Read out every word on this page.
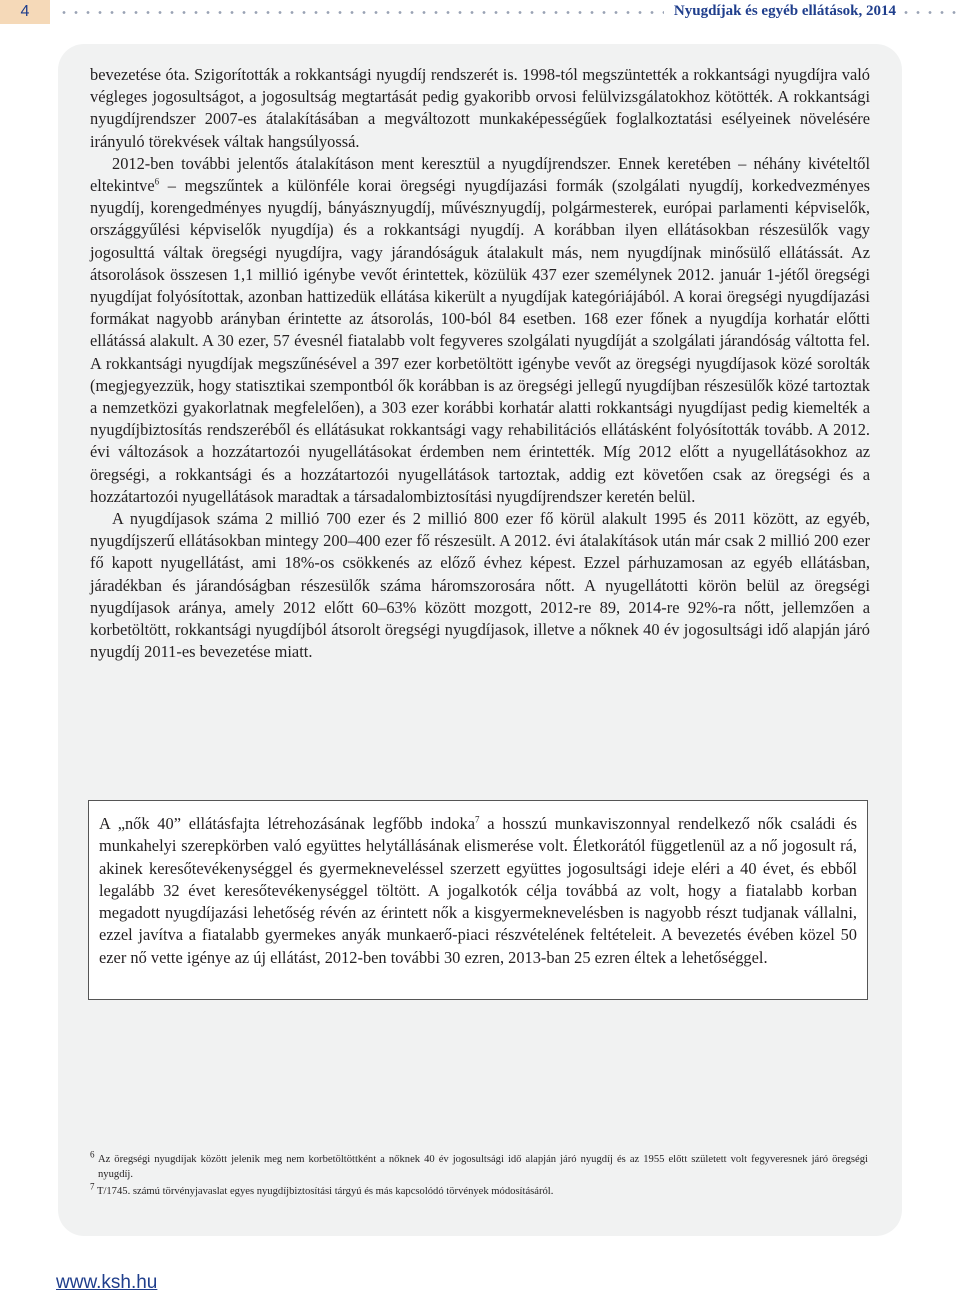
4	Nyugdíjak és egyéb ellátások, 2014

bevezetése óta. Szigorították a rokkantsági nyugdíj rendszerét is. 1998-tól megszüntették a rokkantsági nyugdíjra való végleges jogosultságot, a jogosultság megtartását pedig gyakoribb orvosi felülvizsgálatokhoz kötötték. A rokkantsági nyugdíjrendszer 2007-es átalakításában a megváltozott munkaképességűek foglalkoztatási esélyeinek növelésére irányuló törekvések váltak hangsúlyossá.

2012-ben további jelentős átalakításon ment keresztül a nyugdíjrendszer. Ennek keretében – néhány kivételtől eltekintve$^6$ – megszűntek a különféle korai öregségi nyugdíjazási formák (szolgálati nyugdíj, korkedvezményes nyugdíj, korengedményes nyugdíj, bányásznyugdíj, művésznyugdíj, polgármesterek, európai parlamenti képviselők, országgyűlési képviselők nyugdíja) és a rokkantsági nyugdíj. A korábban ilyen ellátásokban részesülők vagy jogosulttá váltak öregségi nyugdíjra, vagy járandóságuk átalakult más, nem nyugdíjnak minősülő ellátássát. Az átsorolások összesen 1,1 millió igénybe vevőt érintettek, közülük 437 ezer személynek 2012. január 1-jétől öregségi nyugdíjat folyósítottak, azonban hattizedük ellátása kikerült a nyugdíjak kategóriájából. A korai öregségi nyugdíjazási formákat nagyobb arányban érintette az átsorolás, 100-ból 84 esetben. 168 ezer főnek a nyugdíja korhatár előtti ellátássá alakult. A 30 ezer, 57 évesnél fiatalabb volt fegyveres szolgálati nyugdíját a szolgálati járandóság váltotta fel. A rokkantsági nyugdíjak megszűnésével a 397 ezer korbetöltött igénybe vevőt az öregségi nyugdíjasok közé sorolták (megjegyezzük, hogy statisztikai szempontból ők korábban is az öregségi jellegű nyugdíjban részesülők közé tartoztak a nemzetközi gyakorlatnak megfelelően), a 303 ezer korábbi korhatár alatti rokkantsági nyugdíjast pedig kiemelték a nyugdíjbiztosítás rendszeréből és ellátásukat rokkantsági vagy rehabilitációs ellátásként folyósították tovább. A 2012. évi változások a hozzátartozói nyugellátásokat érdemben nem érintették. Míg 2012 előtt a nyugellátásokhoz az öregségi, a rokkantsági és a hozzátartozói nyugellátások tartoztak, addig ezt követően csak az öregségi és a hozzátartozói nyugellátások maradtak a társadalombiztosítási nyugdíjrendszer keretén belül.

A nyugdíjasok száma 2 millió 700 ezer és 2 millió 800 ezer fő körül alakult 1995 és 2011 között, az egyéb, nyugdíjszerű ellátásokban mintegy 200–400 ezer fő részesült. A 2012. évi átalakítások után már csak 2 millió 200 ezer fő kapott nyugellátást, ami 18%-os csökkenés az előző évhez képest. Ezzel párhuzamosan az egyéb ellátásban, járadékban és járandóságban részesülők száma háromszorosára nőtt. A nyugellátotti körön belül az öregségi nyugdíjasok aránya, amely 2012 előtt 60–63% között mozgott, 2012-re 89, 2014-re 92%-ra nőtt, jellemzően a korbetöltött, rokkantsági nyugdíjból átsorolt öregségi nyugdíjasok, illetve a nőknek 40 év jogosultsági idő alapján járó nyugdíj 2011-es bevezetése miatt.

A „nők 40” ellátásfajta létrehozásának legfőbb indoka$^7$ a hosszú munkaviszonnyal rendelkező nők családi és munkahelyi szerepkörben való együttes helytállásának elismerése volt. Életkorától függetlenül az a nő jogosult rá, akinek keresőtevékenységgel és gyermekneveléssel szerzett együttes jogosultsági ideje eléri a 40 évet, és ebből legalább 32 évet keresőtevékenységgel töltött. A jogalkotók célja továbbá az volt, hogy a fiatalabb korban megadott nyugdíjazási lehetőség révén az érintett nők a kisgyermeknevelésben is nagyobb részt tudjanak vállalni, ezzel javítva a fiatalabb gyermekes anyák munkaerő-piaci részvételének feltételeit. A bevezetés évében közel 50 ezer nő vette igénye az új ellátást, 2012-ben további 30 ezren, 2013-ban 25 ezren éltek a lehetőséggel.

$^6$ Az öregségi nyugdíjak között jelenik meg nem korbetöltöttként a nőknek 40 év jogosultsági idő alapján járó nyugdíj és az 1955 előtt született volt fegyveresnek járó öregségi nyugdíj.

$^7$ T/1745. számú törvényjavaslat egyes nyugdíjbiztosítási tárgyú és más kapcsolódó törvények módosításáról.

www.ksh.hu
